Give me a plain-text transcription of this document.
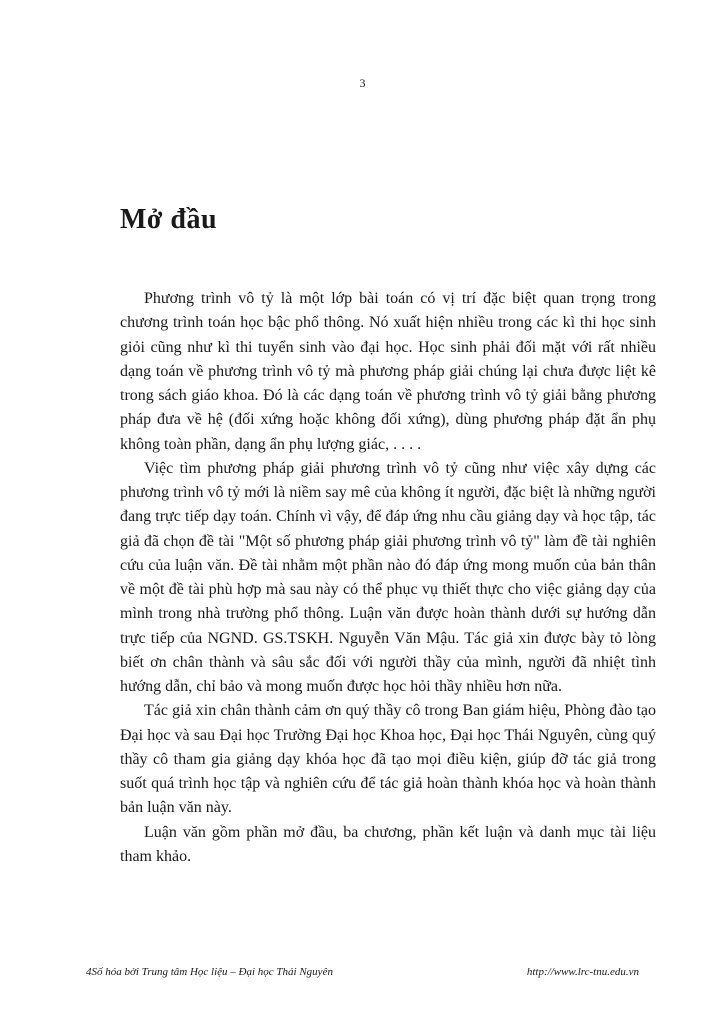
3
Mở đầu

Phương trình vô tỷ là một lớp bài toán có vị trí đặc biệt quan trọng trong chương trình toán học bậc phổ thông. Nó xuất hiện nhiều trong các kì thi học sinh giỏi cũng như kì thi tuyển sinh vào đại học. Học sinh phải đối mặt với rất nhiều dạng toán về phương trình vô tỷ mà phương pháp giải chúng lại chưa được liệt kê trong sách giáo khoa. Đó là các dạng toán về phương trình vô tỷ giải bằng phương pháp đưa về hệ (đối xứng hoặc không đối xứng), dùng phương pháp đặt ẩn phụ không toàn phần, dạng ẩn phụ lượng giác, . . . .

Việc tìm phương pháp giải phương trình vô tỷ cũng như việc xây dựng các phương trình vô tỷ mới là niềm say mê của không ít người, đặc biệt là những người đang trực tiếp dạy toán. Chính vì vậy, để đáp ứng nhu cầu giảng dạy và học tập, tác giả đã chọn đề tài "Một số phương pháp giải phương trình vô tỷ" làm đề tài nghiên cứu của luận văn. Đề tài nhằm một phần nào đó đáp ứng mong muốn của bản thân về một đề tài phù hợp mà sau này có thể phục vụ thiết thực cho việc giảng dạy của mình trong nhà trường phổ thông. Luận văn được hoàn thành dưới sự hướng dẫn trực tiếp của NGND. GS.TSKH. Nguyễn Văn Mậu. Tác giả xin được bày tỏ lòng biết ơn chân thành và sâu sắc đối với người thầy của mình, người đã nhiệt tình hướng dẫn, chỉ bảo và mong muốn được học hỏi thầy nhiều hơn nữa.

Tác giả xin chân thành cảm ơn quý thầy cô trong Ban giám hiệu, Phòng đào tạo Đại học và sau Đại học Trường Đại học Khoa học, Đại học Thái Nguyên, cùng quý thầy cô tham gia giảng dạy khóa học đã tạo mọi điều kiện, giúp đỡ tác giả trong suốt quá trình học tập và nghiên cứu để tác giả hoàn thành khóa học và hoàn thành bản luận văn này.

Luận văn gồm phần mở đầu, ba chương, phần kết luận và danh mục tài liệu tham khảo.

4Số hóa bởi Trung tâm Học liệu – Đại học Thái Nguyên	http://www.lrc-tnu.edu.vn
